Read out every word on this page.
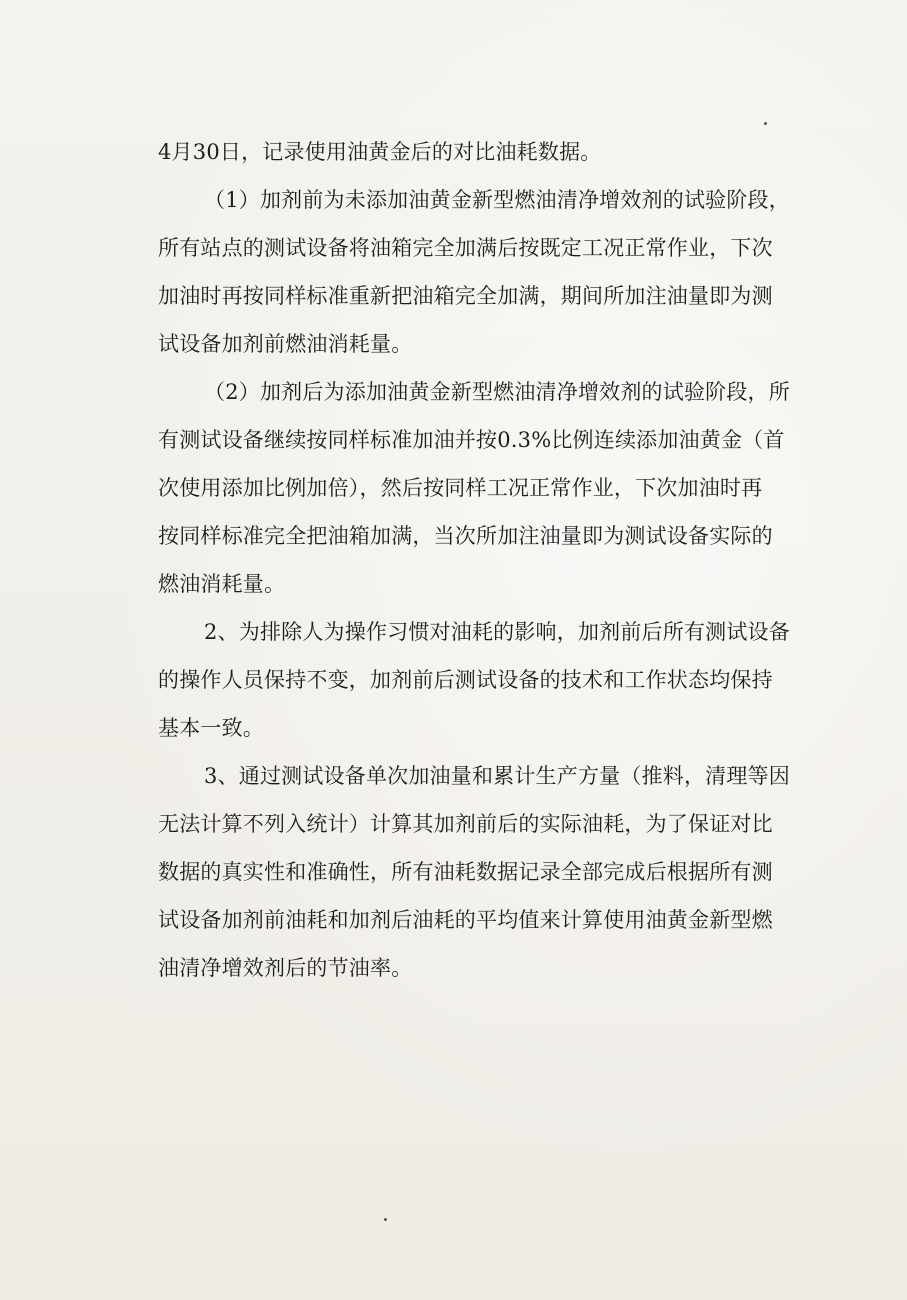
4月30日，记录使用油黄金后的对比油耗数据。
（1）加剂前为未添加油黄金新型燃油清净增效剂的试验阶段，
所有站点的测试设备将油箱完全加满后按既定工况正常作业，下次
加油时再按同样标准重新把油箱完全加满，期间所加注油量即为测
试设备加剂前燃油消耗量。
（2）加剂后为添加油黄金新型燃油清净增效剂的试验阶段，所
有测试设备继续按同样标准加油并按0.3%比例连续添加油黄金（首
次使用添加比例加倍），然后按同样工况正常作业，下次加油时再
按同样标准完全把油箱加满，当次所加注油量即为测试设备实际的
燃油消耗量。
2、为排除人为操作习惯对油耗的影响，加剂前后所有测试设备
的操作人员保持不变，加剂前后测试设备的技术和工作状态均保持
基本一致。
3、通过测试设备单次加油量和累计生产方量（推料，清理等因
无法计算不列入统计）计算其加剂前后的实际油耗，为了保证对比
数据的真实性和准确性，所有油耗数据记录全部完成后根据所有测
试设备加剂前油耗和加剂后油耗的平均值来计算使用油黄金新型燃
油清净增效剂后的节油率。
